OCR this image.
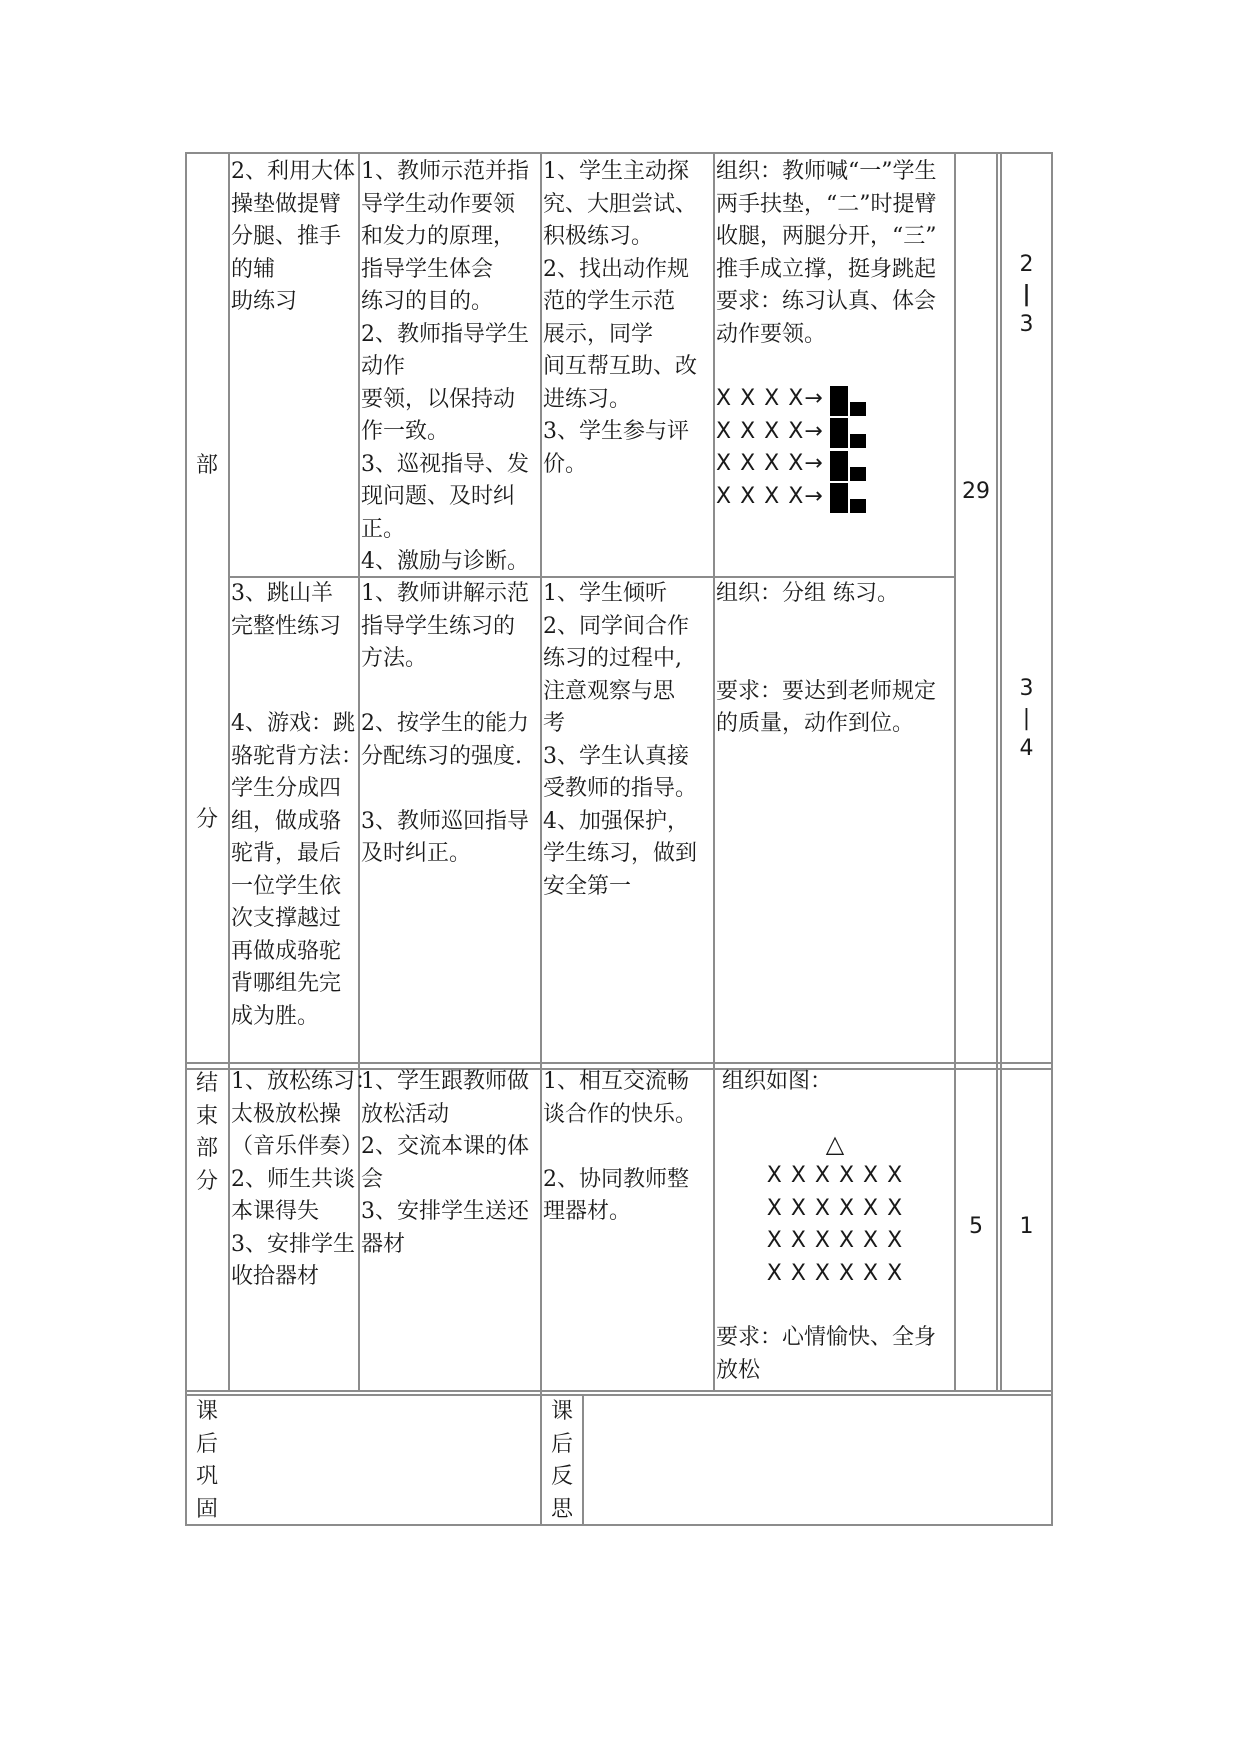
部
分
2、利用大体
操垫做提臂
分腿、推手
的辅
助练习
1、教师示范并指
导学生动作要领
和发力的原理，
指导学生体会
练习的目的。
2、教师指导学生
动作
要领，以保持动
作一致。
3、巡视指导、发
现问题、及时纠
正。
4、激励与诊断。
1、学生主动探
究、大胆尝试、
积极练习。
2、找出动作规
范的学生示范
展示，同学
间互帮互助、改
进练习。
3、学生参与评
价。
组织：教师喊“一”学生
两手扶垫，“二”时提臂
收腿，两腿分开，“三”
推手成立撑，挺身跳起
要求：练习认真、体会
动作要领。
X X X X→
X X X X→
X X X X→
X X X X→
2
|
3
29
3、跳山羊
完整性练习

4、游戏：跳
骆驼背方法：
学生分成四
组，做成骆
驼背，最后
一位学生依
次支撑越过
再做成骆驼
背哪组先完
成为胜。
1、教师讲解示范
指导学生练习的
方法。

2、按学生的能力
分配练习的强度.

3、教师巡回指导
及时纠正。
1、学生倾听
2、同学间合作
练习的过程中,
注意观察与思
考
3、学生认真接
受教师的指导。
4、加强保护，
学生练习，做到
安全第一
组织：分组 练习。

要求：要达到老师规定
的质量，动作到位。
3
|
4
结
束
部
分
1、放松练习：
太极放松操
（音乐伴奏）
2、师生共谈
本课得失
3、安排学生
收拾器材
1、学生跟教师做
放松活动
2、交流本课的体
会
3、安排学生送还
器材
1、相互交流畅
谈合作的快乐。

2、协同教师整
理器材。
组织如图：
△
X X X X X X
X X X X X X
X X X X X X
X X X X X X
要求：心情愉快、全身
放松
5	1
课
后
巩
固
课
后
反
思
